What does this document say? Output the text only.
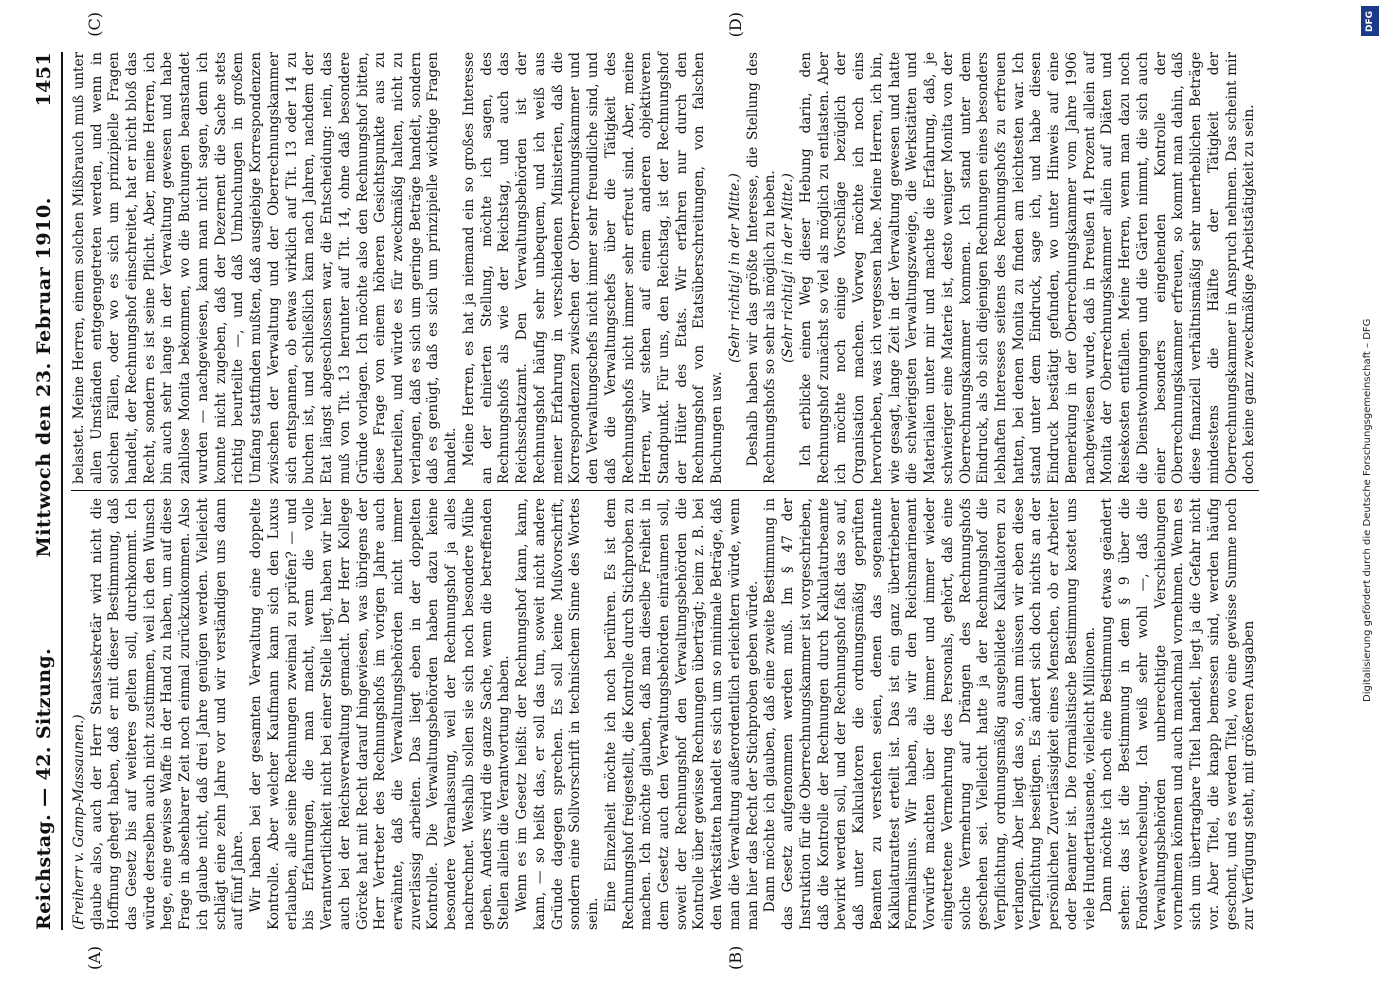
Reichstag. — 42. Sitzung.
Mittwoch den 23. Februar 1910.
1451
(A)	(B)
(C)	(D)

(Freiherr v. Gamp-Massaunen.) glaube also, auch der Herr Staatssekretär wird nicht die Hoffnung gehegt haben, daß er mit dieser Bestimmung, daß das Gesetz bis auf weiteres gelten soll, durchkommt. Ich würde derselben auch nicht zustimmen, weil ich den Wunsch hege, eine gewisse Waffe in der Hand zu haben, um auf diese Frage in absehbarer Zeit noch einmal zurückzukommen. Also ich glaube nicht, daß drei Jahre genügen werden. Vielleicht schlägt eine zehn Jahre vor und wir verständigen uns dann auf fünf Jahre. Wir haben bei der gesamten Verwaltung eine doppelte Kontrolle. Aber welcher Kaufmann kann sich den Luxus erlauben, alle seine Rechnungen zweimal zu prüfen? — und bis Erfahrungen, die man macht, wenn die volle Verantwortlichkeit nicht bei einer Stelle liegt, haben wir hier auch bei der Reichsverwaltung gemacht. Der Herr Kollege Görcke hat mit Recht darauf hingewiesen, was übrigens der Herr Vertreter des Rechnungshofs im vorigen Jahre auch erwähnte, daß die Verwaltungsbehörden nicht immer zuverlässig arbeiten. Das liegt eben in der doppelten Kontrolle. Die Verwaltungsbehörden haben dazu keine besondere Veranlassung, weil der Rechnungshof ja alles nachrechnet. Weshalb sollen sie sich noch besondere Mühe geben. Anders wird die ganze Sache, wenn die betreffenden Stellen allein die Verantwortung haben. Wenn es im Gesetz heißt: der Rechnungshof kann, kann, kann, — so heißt das, er soll das tun, soweit nicht andere Gründe dagegen sprechen. Es soll keine Mußvorschrift, sondern eine Sollvorschrift in technischem Sinne des Wortes sein.

Eine Einzelheit möchte ich noch berühren. Es ist dem Rechnungshof freigestellt, die Kontrolle durch Stichproben zu machen. Ich möchte glauben, daß man dieselbe Freiheit in dem Gesetz auch den Verwaltungsbehörden einräumen soll, soweit der Rechnungshof den Verwaltungsbehörden die Kontrolle über gewisse Rechnungen überträgt; beim z. B. bei den Werkstätten handelt es sich um so minimale Beträge, daß man die Verwaltung außerordentlich erleichtern würde, wenn man hier das Recht der Stichproben geben würde. Dann möchte ich glauben, daß eine zweite Bestimmung in das Gesetz aufgenommen werden muß. Im § 47 der Instruktion für die Oberrechnungskammer ist vorgeschrieben, daß die Kontrolle der Rechnungen durch Kalkulaturbeamte bewirkt werden soll, und der Rechnungshof faßt das so auf, daß unter Kalkulatoren die ordnungsmäßig geprüften Beamten zu verstehen seien, denen das sogenannte Kalkulaturattest erteilt ist. Das ist ein ganz übertriebener Formalismus. Wir haben, als wir den Reichsmarineamt Vorwürfe machten über die immer und immer wieder eingetretene Vermehrung des Personals, gehört, daß eine solche Vermehrung auf Drängen des Rechnungshofs geschehen sei. Vielleicht hatte ja der Rechnungshof die Verpflichtung, ordnungsmäßig ausgebildete Kalkulatoren zu verlangen. Aber liegt das so, dann müssen wir eben diese Verpflichtung beseitigen. Es ändert sich doch nichts an der persönlichen Zuverlässigkeit eines Menschen, ob er Arbeiter oder Beamter ist. Die formalistische Bestimmung kostet uns viele Hunderttausende, vielleicht Millionen. Dann möchte ich noch eine Bestimmung etwas geändert sehen: das ist die Bestimmung in dem § 9 über die Fondsverwechselung. Ich weiß sehr wohl —, daß die Verwaltungsbehörden unberechtigte Verschiebungen vornehmen können und auch manchmal vornehmen. Wenn es sich um übertragbare Titel handelt, liegt ja die Gefahr nicht vor. Aber Titel, die knapp bemessen sind, werden häufig geschont, und es werden Titel, wo eine gewisse Summe noch zur Verfügung steht, mit größeren Ausgaben

belastet. Meine Herren, einem solchen Mißbrauch muß unter allen Umständen entgegengetreten werden, und wenn in solchen Fällen, oder wo es sich um prinzipielle Fragen handelt, der Rechnungshof einschreitet, hat er nicht bloß das Recht, sondern es ist seine Pflicht. Aber, meine Herren, ich bin auch sehr lange in der Verwaltung gewesen und habe zahllose Monita bekommen, wo die Buchungen beanstandet wurden — nachgewiesen, kann man nicht sagen, denn ich konnte nicht zugeben, daß der Dezernent die Sache stets richtig beurteilte —, und daß Umbuchungen in großem Umfang stattfinden mußten, daß ausgiebige Korrespondenzen zwischen der Verwaltung und der Oberrechnungskammer sich entspannen, ob etwas wirklich auf Tit. 13 oder 14 zu buchen ist, und schließlich kam nach Jahren, nachdem der Etat längst abgeschlossen war, die Entscheidung: nein, das muß von Tit. 13 herunter auf Tit. 14, ohne daß besondere Gründe vorlagen. Ich möchte also den Rechnungshof bitten, diese Frage von einem höheren Gesichtspunkte aus zu beurteilen, und würde es für zweckmäßig halten, nicht zu verlangen, daß es sich um geringe Beträge handelt, sondern daß es genügt, daß es sich um prinzipielle wichtige Fragen handelt. Meine Herren, es hat ja niemand ein so großes Interesse an der elnierten Stellung, möchte ich sagen, des Rechnungshofs als wie der Reichstag, und auch das Reichsschatzamt. Den Verwaltungsbehörden ist der Rechnungshof häufig sehr unbequem, und ich weiß aus meiner Erfahrung in verschiedenen Ministerien, daß die Korrespondenzen zwischen der Oberrechnungskammer und den Verwaltungschefs nicht immer sehr freundliche sind, und daß die Verwaltungschefs über die Tätigkeit des Rechnungshofs nicht immer sehr erfreut sind. Aber, meine Herren, wir stehen auf einem anderen objektiveren Standpunkt. Für uns, den Reichstag, ist der Rechnungshof der Hüter des Etats. Wir erfahren nur durch den Rechnungshof von Etatsüberschreitungen, von falschen Buchungen usw.

(Sehr richtig! in der Mitte.) Deshalb haben wir das größte Interesse, die Stellung des Rechnungshofs so sehr als möglich zu heben. (Sehr richtig! in der Mitte.) Ich erblicke einen Weg dieser Hebung darin, den Rechnungshof zunächst so viel als möglich zu entlasten. Aber ich möchte noch einige Vorschläge bezüglich der Organisation machen. Vorweg möchte ich noch eins hervorheben, was ich vergessen habe. Meine Herren, ich bin, wie gesagt, lange Zeit in der Verwaltung gewesen und hatte die schwierigsten Verwaltungszweige, die Werkstätten und Materialien unter mir und machte die Erfahrung, daß, je schwieriger eine Materie ist, desto weniger Monita von der Oberrechnungskammer kommen. Ich stand unter dem Eindruck, als ob sich diejenigen Rechnungen eines besonders lebhaften Interesses seitens des Rechnungshofs zu erfreuen hatten, bei denen Monita zu finden am leichtesten war. Ich stand unter dem Eindruck, sage ich, und habe diesen Eindruck bestätigt gefunden, wo unter Hinweis auf eine Bemerkung in der Oberrechnungskammer vom Jahre 1906 nachgewiesen wurde, daß in Preußen 41 Prozent allein auf Monita der Oberrechnungskammer allein auf Diäten und Reisekosten entfallen. Meine Herren, wenn man dazu noch die Dienstwohnungen und die Gärten nimmt, die sich auch einer besonders eingehenden Kontrolle der Oberrechnungskammer erfreuen, so kommt man dahin, daß diese finanziell verhältnismäßig sehr unerheblichen Beträge mindestens die Hälfte der Tätigkeit der Oberrechnungskammer in Anspruch nehmen. Das scheint mir doch keine ganz zweckmäßige Arbeitstätigkeit zu sein.

DFG
Digitalisierung gefördert durch die Deutsche Forschungsgemeinschaft – DFG
